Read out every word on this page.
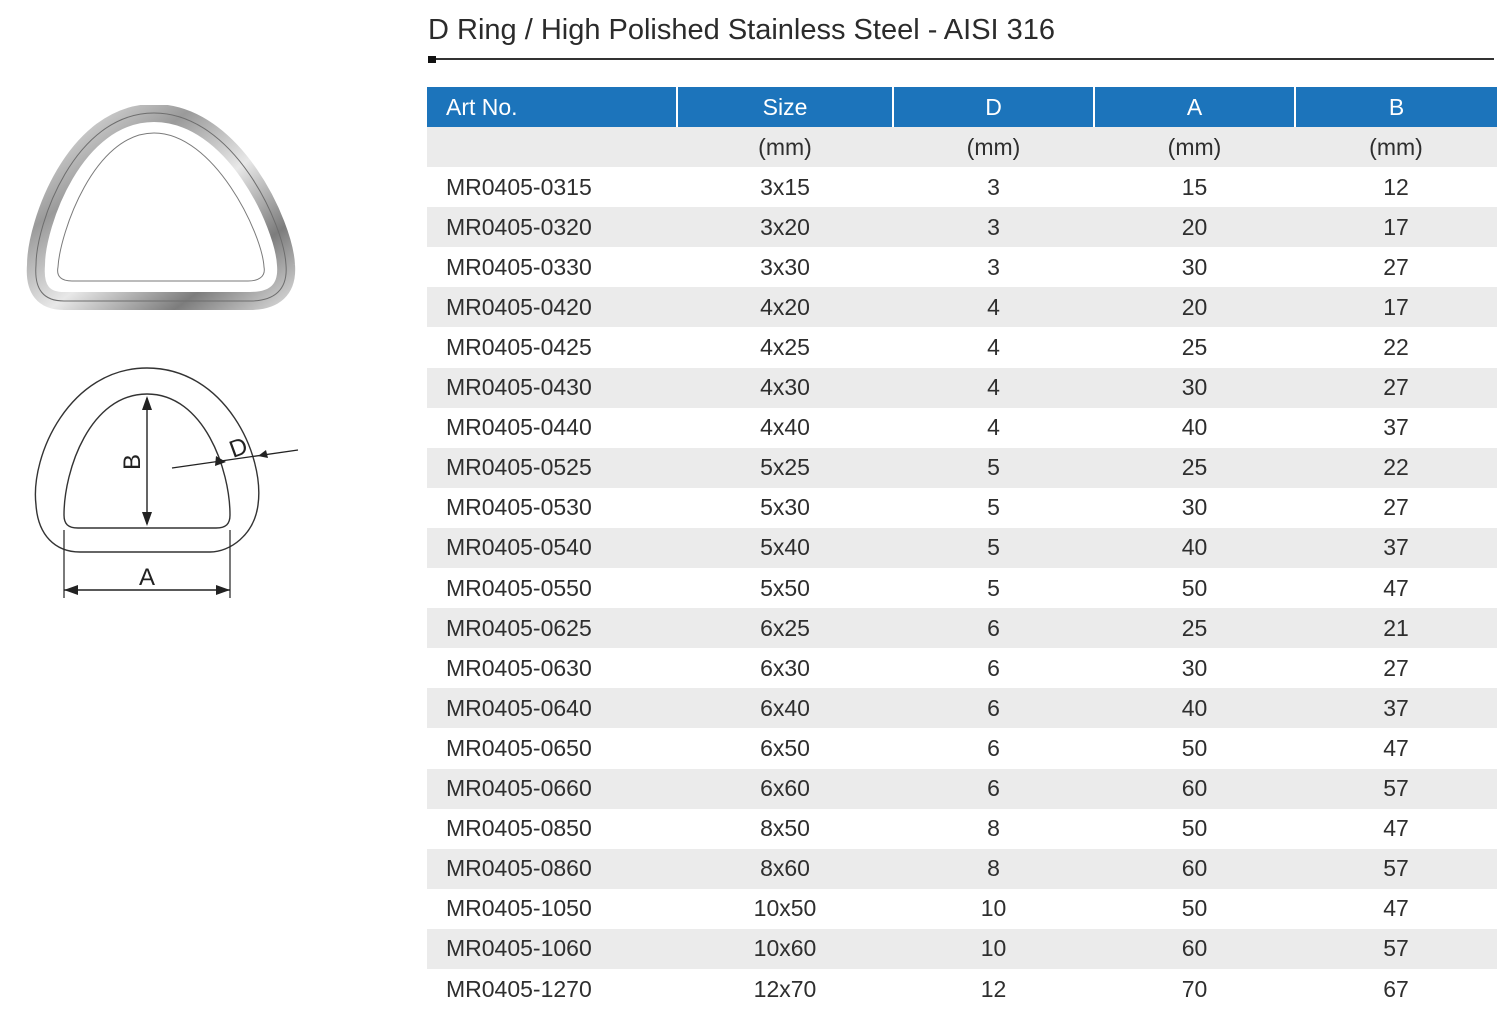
D Ring / High Polished Stainless Steel - AISI 316
B	D
A
Art No.	Size	D	A	B
	(mm)	(mm)	(mm)	(mm)
MR0405-0315	3x15	3	15	12
MR0405-0320	3x20	3	20	17
MR0405-0330	3x30	3	30	27
MR0405-0420	4x20	4	20	17
MR0405-0425	4x25	4	25	22
MR0405-0430	4x30	4	30	27
MR0405-0440	4x40	4	40	37
MR0405-0525	5x25	5	25	22
MR0405-0530	5x30	5	30	27
MR0405-0540	5x40	5	40	37
MR0405-0550	5x50	5	50	47
MR0405-0625	6x25	6	25	21
MR0405-0630	6x30	6	30	27
MR0405-0640	6x40	6	40	37
MR0405-0650	6x50	6	50	47
MR0405-0660	6x60	6	60	57
MR0405-0850	8x50	8	50	47
MR0405-0860	8x60	8	60	57
MR0405-1050	10x50	10	50	47
MR0405-1060	10x60	10	60	57
MR0405-1270	12x70	12	70	67
